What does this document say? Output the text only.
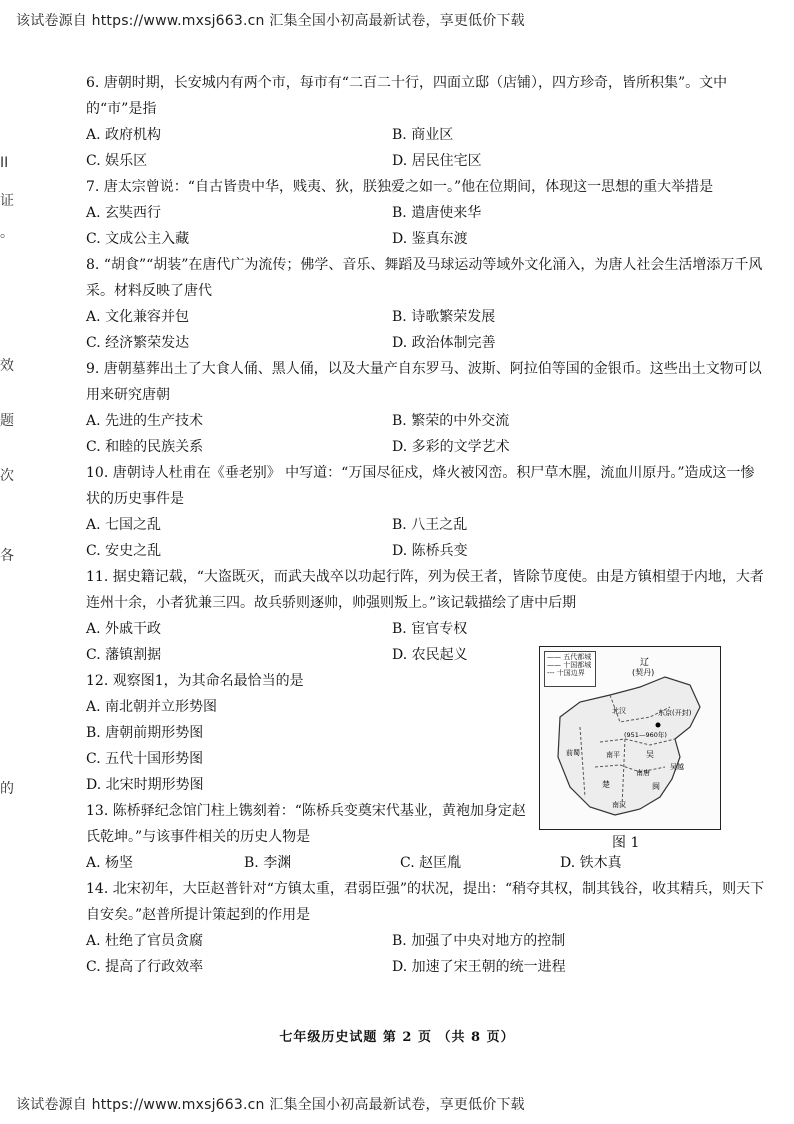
该试卷源自 https://www.mxsj663.cn 汇集全国小初高最新试卷，享更低价下载
II
证
。
效
题
次
各
的
6. 唐朝时期，长安城内有两个市，每市有“二百二十行，四面立邸（店铺），四方珍奇，皆所积集”。文中的“市”是指
A. 政府机构	B. 商业区
C. 娱乐区	D. 居民住宅区
7. 唐太宗曾说：“自古皆贵中华，贱夷、狄，朕独爱之如一。”他在位期间，体现这一思想的重大举措是
A. 玄奘西行	B. 遣唐使来华
C. 文成公主入藏	D. 鉴真东渡
8. “胡食”“胡装”在唐代广为流传；佛学、音乐、舞蹈及马球运动等域外文化涌入，为唐人社会生活增添万千风采。材料反映了唐代
A. 文化兼容并包	B. 诗歌繁荣发展
C. 经济繁荣发达	D. 政治体制完善
9. 唐朝墓葬出土了大食人俑、黑人俑，以及大量产自东罗马、波斯、阿拉伯等国的金银币。这些出土文物可以用来研究唐朝
A. 先进的生产技术	B. 繁荣的中外交流
C. 和睦的民族关系	D. 多彩的文学艺术
10. 唐朝诗人杜甫在《垂老别》 中写道：“万国尽征戍，烽火被冈峦。积尸草木腥，流血川原丹。”造成这一惨状的历史事件是
A. 七国之乱	B. 八王之乱
C. 安史之乱	D. 陈桥兵变
11. 据史籍记载，“大盗既灭，而武夫战卒以功起行阵，列为侯王者，皆除节度使。由是方镇相望于内地，大者连州十余，小者犹兼三四。故兵骄则逐帅，帅强则叛上。”该记载描绘了唐中后期
A. 外戚干政	B. 宦官专权
C. 藩镇割据	D. 农民起义
12. 观察图1，为其命名最恰当的是
A. 南北朝并立形势图
B. 唐朝前期形势图
C. 五代十国形势图
D. 北宋时期形势图
13. 陈桥驿纪念馆门柱上镌刻着：“陈桥兵变奠宋代基业，黄袍加身定赵氏乾坤。”与该事件相关的历史人物是
A. 杨坚	B. 李渊	C. 赵匡胤	D. 铁木真
14. 北宋初年，大臣赵普针对“方镇太重，君弱臣强”的状况，提出：“稍夺其权，制其钱谷，收其精兵，则天下自安矣。”赵普所提计策起到的作用是
A. 杜绝了官员贪腐	B. 加强了中央对地方的控制
C. 提高了行政效率	D. 加速了宋王朝的统一进程
辽
(契丹)
东京(开封)
(951—960年)
前蜀	南平
楚
吴
南汉
闽
吴越
南唐
北汉
—— 五代都城
—— 十国都城
--- 十国边界
图 1
七年级历史试题 第 2 页 （共 8 页）
该试卷源自 https://www.mxsj663.cn 汇集全国小初高最新试卷，享更低价下载
